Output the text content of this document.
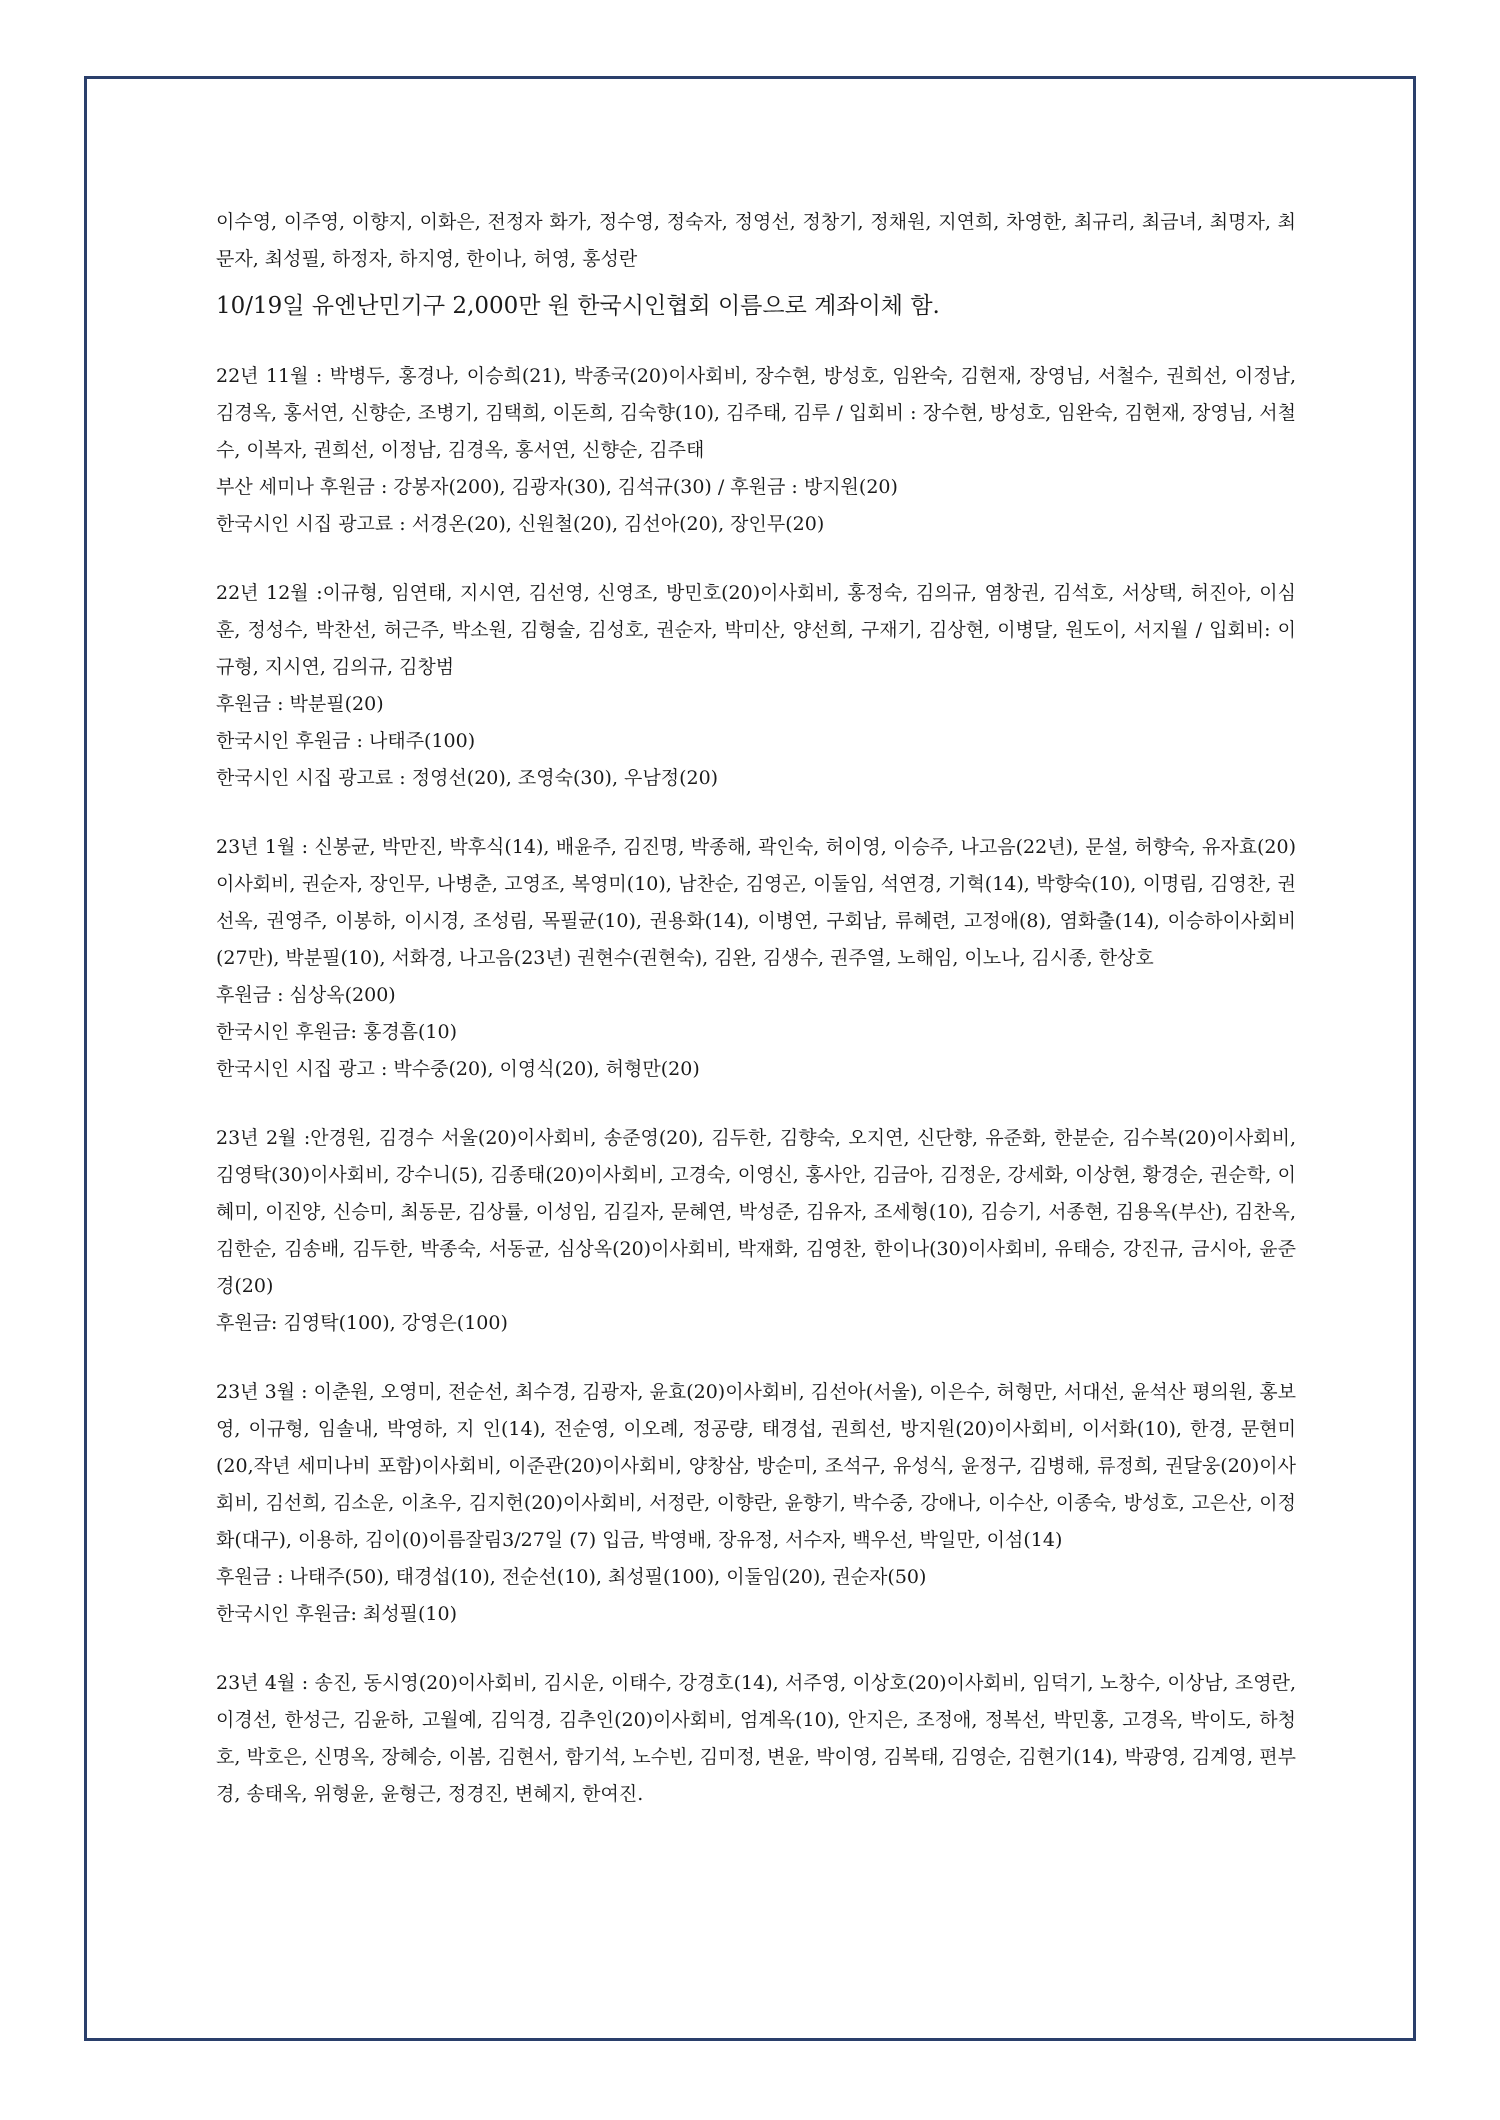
이수영, 이주영, 이향지, 이화은, 전정자 화가, 정수영, 정숙자, 정영선, 정창기, 정채원, 지연희, 차영한, 최규리, 최금녀, 최명자, 최문자, 최성필, 하정자, 하지영, 한이나, 허영, 홍성란

10/19일 유엔난민기구 2,000만 원 한국시인협회 이름으로 계좌이체 함.

22년 11월 : 박병두, 홍경나, 이승희(21), 박종국(20)이사회비, 장수현, 방성호, 임완숙, 김현재, 장영님, 서철수, 권희선, 이정남, 김경옥, 홍서연, 신향순, 조병기, 김택희, 이돈희, 김숙향(10), 김주태, 김루 / 입회비 : 장수현, 방성호, 임완숙, 김현재, 장영님, 서철수, 이복자, 권희선, 이정남, 김경옥, 홍서연, 신향순, 김주태

부산 세미나 후원금 : 강봉자(200), 김광자(30), 김석규(30) / 후원금 : 방지원(20)

한국시인 시집 광고료 : 서경온(20), 신원철(20), 김선아(20), 장인무(20)

22년 12월 :이규형, 임연태, 지시연, 김선영, 신영조, 방민호(20)이사회비, 홍정숙, 김의규, 염창권, 김석호, 서상택, 허진아, 이심훈, 정성수, 박찬선, 허근주, 박소원, 김형술, 김성호, 권순자, 박미산, 양선희, 구재기, 김상현, 이병달, 원도이, 서지월 / 입회비: 이규형, 지시연, 김의규, 김창범

후원금 : 박분필(20)

한국시인 후원금 : 나태주(100)

한국시인 시집 광고료 : 정영선(20), 조영숙(30), 우남정(20)

23년 1월 : 신봉균, 박만진, 박후식(14), 배윤주, 김진명, 박종해, 곽인숙, 허이영, 이승주, 나고음(22년), 문설, 허향숙, 유자효(20)이사회비, 권순자, 장인무, 나병춘, 고영조, 복영미(10), 남찬순, 김영곤, 이둘임, 석연경, 기혁(14), 박향숙(10), 이명림, 김영찬, 권선옥, 권영주, 이봉하, 이시경, 조성림, 목필균(10), 권용화(14), 이병연, 구회남, 류혜련, 고정애(8), 염화출(14), 이승하이사회비(27만), 박분필(10), 서화경, 나고음(23년) 권현수(권현숙), 김완, 김생수, 권주열, 노해임, 이노나, 김시종, 한상호

후원금 : 심상옥(200)

한국시인 후원금: 홍경흠(10)

한국시인 시집 광고 : 박수중(20), 이영식(20), 허형만(20)

23년 2월 :안경원, 김경수 서울(20)이사회비, 송준영(20), 김두한, 김향숙, 오지연, 신단향, 유준화, 한분순, 김수복(20)이사회비, 김영탁(30)이사회비, 강수니(5), 김종태(20)이사회비, 고경숙, 이영신, 홍사안, 김금아, 김정운, 강세화, 이상현, 황경순, 권순학, 이혜미, 이진양, 신승미, 최동문, 김상률, 이성임, 김길자, 문혜연, 박성준, 김유자, 조세형(10), 김승기, 서종현, 김용옥(부산), 김찬옥, 김한순, 김송배, 김두한, 박종숙, 서동균, 심상옥(20)이사회비, 박재화, 김영찬, 한이나(30)이사회비, 유태승, 강진규, 금시아, 윤준경(20)

후원금: 김영탁(100), 강영은(100)

23년 3월 : 이춘원, 오영미, 전순선, 최수경, 김광자, 윤효(20)이사회비, 김선아(서울), 이은수, 허형만, 서대선, 윤석산 평의원, 홍보영, 이규형, 임솔내, 박영하, 지 인(14), 전순영, 이오례, 정공량, 태경섭, 권희선, 방지원(20)이사회비, 이서화(10), 한경, 문현미(20,작년 세미나비 포함)이사회비, 이준관(20)이사회비, 양창삼, 방순미, 조석구, 유성식, 윤정구, 김병해, 류정희, 권달웅(20)이사회비, 김선희, 김소운, 이초우, 김지헌(20)이사회비, 서정란, 이향란, 윤향기, 박수중, 강애나, 이수산, 이종숙, 방성호, 고은산, 이정화(대구), 이용하, 김이(0)이름잘림3/27일 (7) 입금, 박영배, 장유정, 서수자, 백우선, 박일만, 이섬(14)

후원금 : 나태주(50), 태경섭(10), 전순선(10), 최성필(100), 이둘임(20), 권순자(50)

한국시인 후원금: 최성필(10)

23년 4월 : 송진, 동시영(20)이사회비, 김시운, 이태수, 강경호(14), 서주영, 이상호(20)이사회비, 임덕기, 노창수, 이상남, 조영란, 이경선, 한성근, 김윤하, 고월예, 김익경, 김추인(20)이사회비, 엄계옥(10), 안지은, 조정애, 정복선, 박민홍, 고경옥, 박이도, 하청호, 박호은, 신명옥, 장혜승, 이봄, 김현서, 함기석, 노수빈, 김미정, 변윤, 박이영, 김복태, 김영순, 김현기(14), 박광영, 김계영, 편부경, 송태옥, 위형윤, 윤형근, 정경진, 변혜지, 한여진.
